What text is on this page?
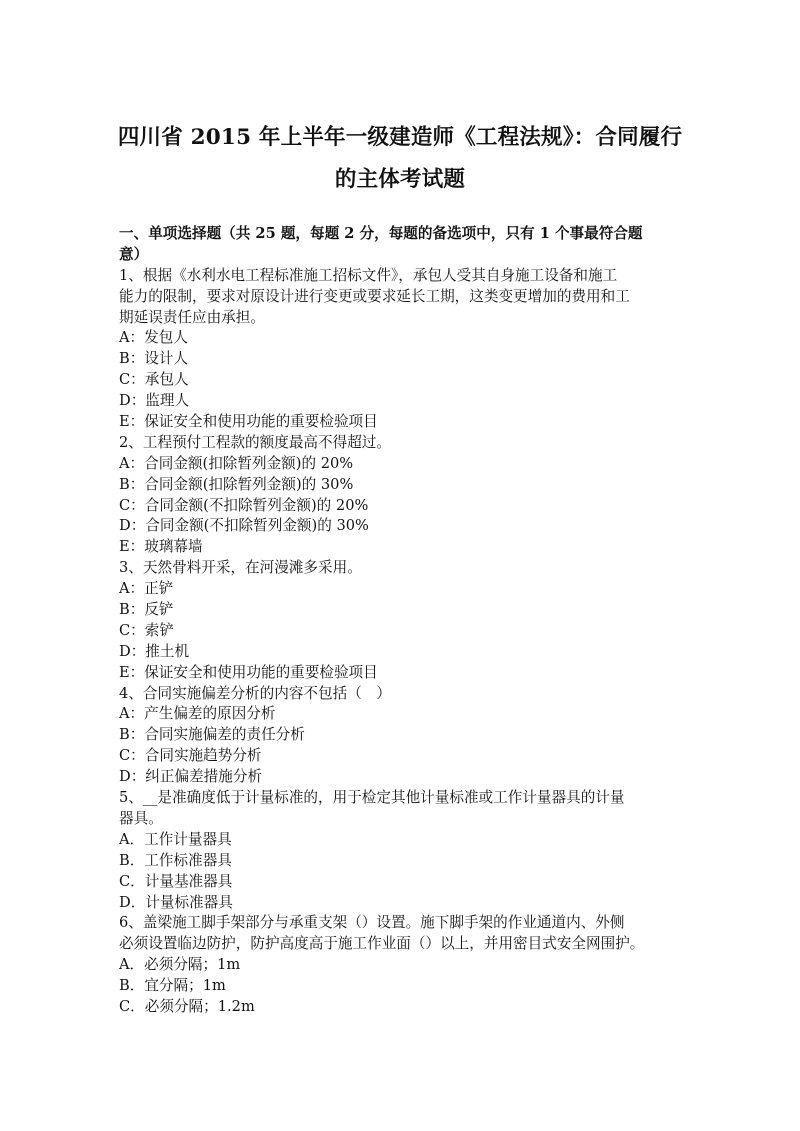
四川省 2015 年上半年一级建造师《工程法规》：合同履行
的主体考试题
一、单项选择题（共 25 题，每题 2 分，每题的备选项中，只有 1 个事最符合题
意）
1、根据《水利水电工程标准施工招标文件》，承包人受其自身施工设备和施工
能力的限制，要求对原设计进行变更或要求延长工期，这类变更增加的费用和工
期延误责任应由承担。
A：发包人
B：设计人
C：承包人
D：监理人
E：保证安全和使用功能的重要检验项目
2、工程预付工程款的额度最高不得超过。
A：合同金额(扣除暂列金额)的 20%
B：合同金额(扣除暂列金额)的 30%
C：合同金额(不扣除暂列金额)的 20%
D：合同金额(不扣除暂列金额)的 30%
E：玻璃幕墙
3、天然骨料开采，在河漫滩多采用。
A：正铲
B：反铲
C：索铲
D：推土机
E：保证安全和使用功能的重要检验项目
4、合同实施偏差分析的内容不包括（　）
A：产生偏差的原因分析
B：合同实施偏差的责任分析
C：合同实施趋势分析
D：纠正偏差措施分析
5、__是准确度低于计量标准的，用于检定其他计量标准或工作计量器具的计量
器具。
A．工作计量器具
B．工作标准器具
C．计量基准器具
D．计量标准器具
6、盖梁施工脚手架部分与承重支架（）设置。施下脚手架的作业通道内、外侧
必须设置临边防护，防护高度高于施工作业面（）以上，并用密目式安全网围护。
A．必须分隔；1m
B．宜分隔；1m
C．必须分隔；1.2m
